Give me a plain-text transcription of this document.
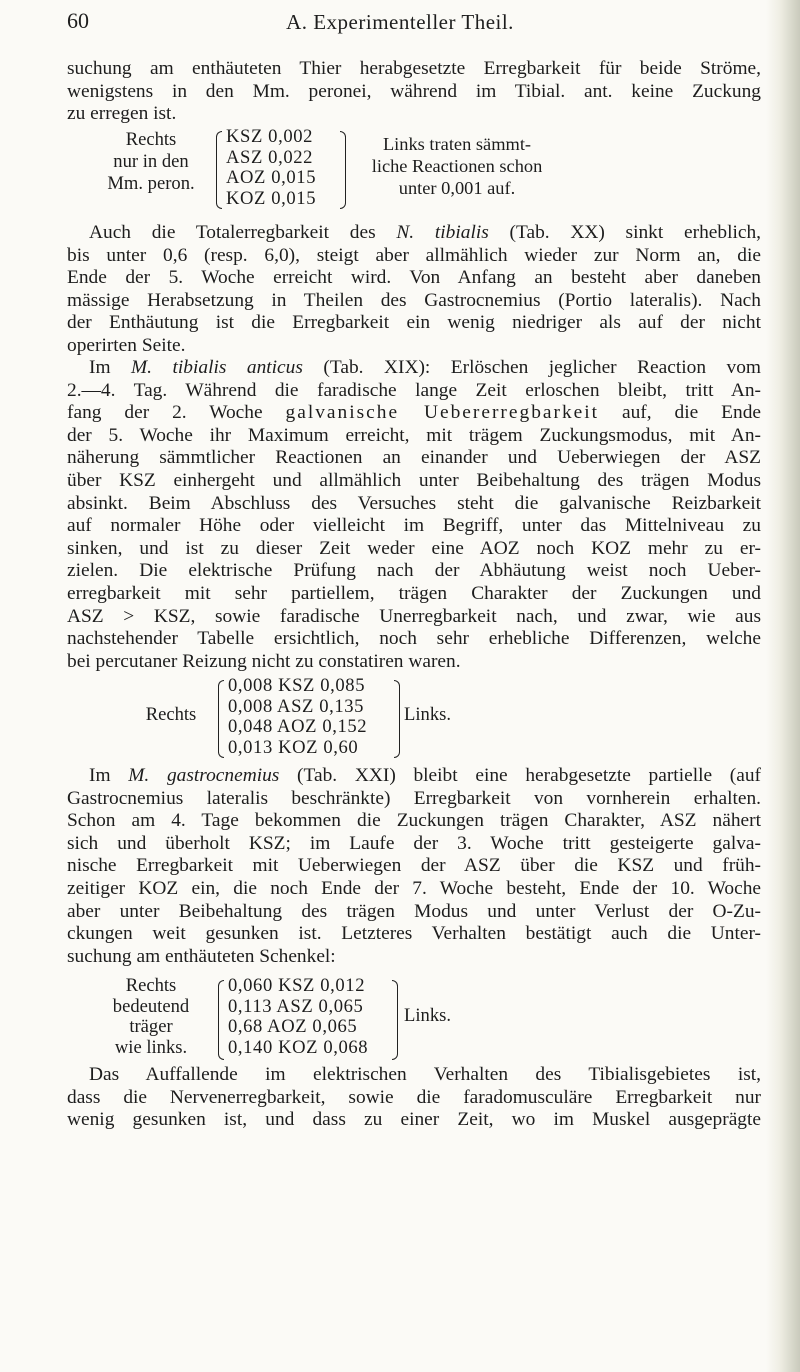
60	A. Experimenteller Theil.
suchung am enthäuteten Thier herabgesetzte Erregbarkeit für beide Ströme,
wenigstens in den Mm. peronei, während im Tibial. ant. keine Zuckung
zu erregen ist.
Rechts
nur in den
Mm. peron.
KSZ 0,002
ASZ 0,022
AOZ 0,015
KOZ 0,015
Links traten sämmt-
liche Reactionen schon
unter 0,001 auf.
Auch die Totalerregbarkeit des N. tibialis (Tab. XX) sinkt erheblich,
bis unter 0,6 (resp. 6,0), steigt aber allmählich wieder zur Norm an, die
Ende der 5. Woche erreicht wird. Von Anfang an besteht aber daneben
mässige Herabsetzung in Theilen des Gastrocnemius (Portio lateralis). Nach
der Enthäutung ist die Erregbarkeit ein wenig niedriger als auf der nicht
operirten Seite.
Im M. tibialis anticus (Tab. XIX): Erlöschen jeglicher Reaction vom
2.—4. Tag. Während die faradische lange Zeit erloschen bleibt, tritt An-
fang der 2. Woche galvanische Uebererregbarkeit auf, die Ende
der 5. Woche ihr Maximum erreicht, mit trägem Zuckungsmodus, mit An-
näherung sämmtlicher Reactionen an einander und Ueberwiegen der ASZ
über KSZ einhergeht und allmählich unter Beibehaltung des trägen Modus
absinkt. Beim Abschluss des Versuches steht die galvanische Reizbarkeit
auf normaler Höhe oder vielleicht im Begriff, unter das Mittelniveau zu
sinken, und ist zu dieser Zeit weder eine AOZ noch KOZ mehr zu er-
zielen. Die elektrische Prüfung nach der Abhäutung weist noch Ueber-
erregbarkeit mit sehr partiellem, trägen Charakter der Zuckungen und
ASZ > KSZ, sowie faradische Unerregbarkeit nach, und zwar, wie aus
nachstehender Tabelle ersichtlich, noch sehr erhebliche Differenzen, welche
bei percutaner Reizung nicht zu constatiren waren.
Rechts
0,008 KSZ 0,085
0,008 ASZ 0,135
0,048 AOZ 0,152
0,013 KOZ 0,60
Links.
Im M. gastrocnemius (Tab. XXI) bleibt eine herabgesetzte partielle (auf
Gastrocnemius lateralis beschränkte) Erregbarkeit von vornherein erhalten.
Schon am 4. Tage bekommen die Zuckungen trägen Charakter, ASZ nähert
sich und überholt KSZ; im Laufe der 3. Woche tritt gesteigerte galva-
nische Erregbarkeit mit Ueberwiegen der ASZ über die KSZ und früh-
zeitiger KOZ ein, die noch Ende der 7. Woche besteht, Ende der 10. Woche
aber unter Beibehaltung des trägen Modus und unter Verlust der O-Zu-
ckungen weit gesunken ist. Letzteres Verhalten bestätigt auch die Unter-
suchung am enthäuteten Schenkel:
Rechts
bedeutend
träger
wie links.
0,060 KSZ 0,012
0,113 ASZ 0,065
0,68 AOZ 0,065
0,140 KOZ 0,068
Links.
Das Auffallende im elektrischen Verhalten des Tibialisgebietes ist,
dass die Nervenerregbarkeit, sowie die faradomusculäre Erregbarkeit nur
wenig gesunken ist, und dass zu einer Zeit, wo im Muskel ausgeprägte
